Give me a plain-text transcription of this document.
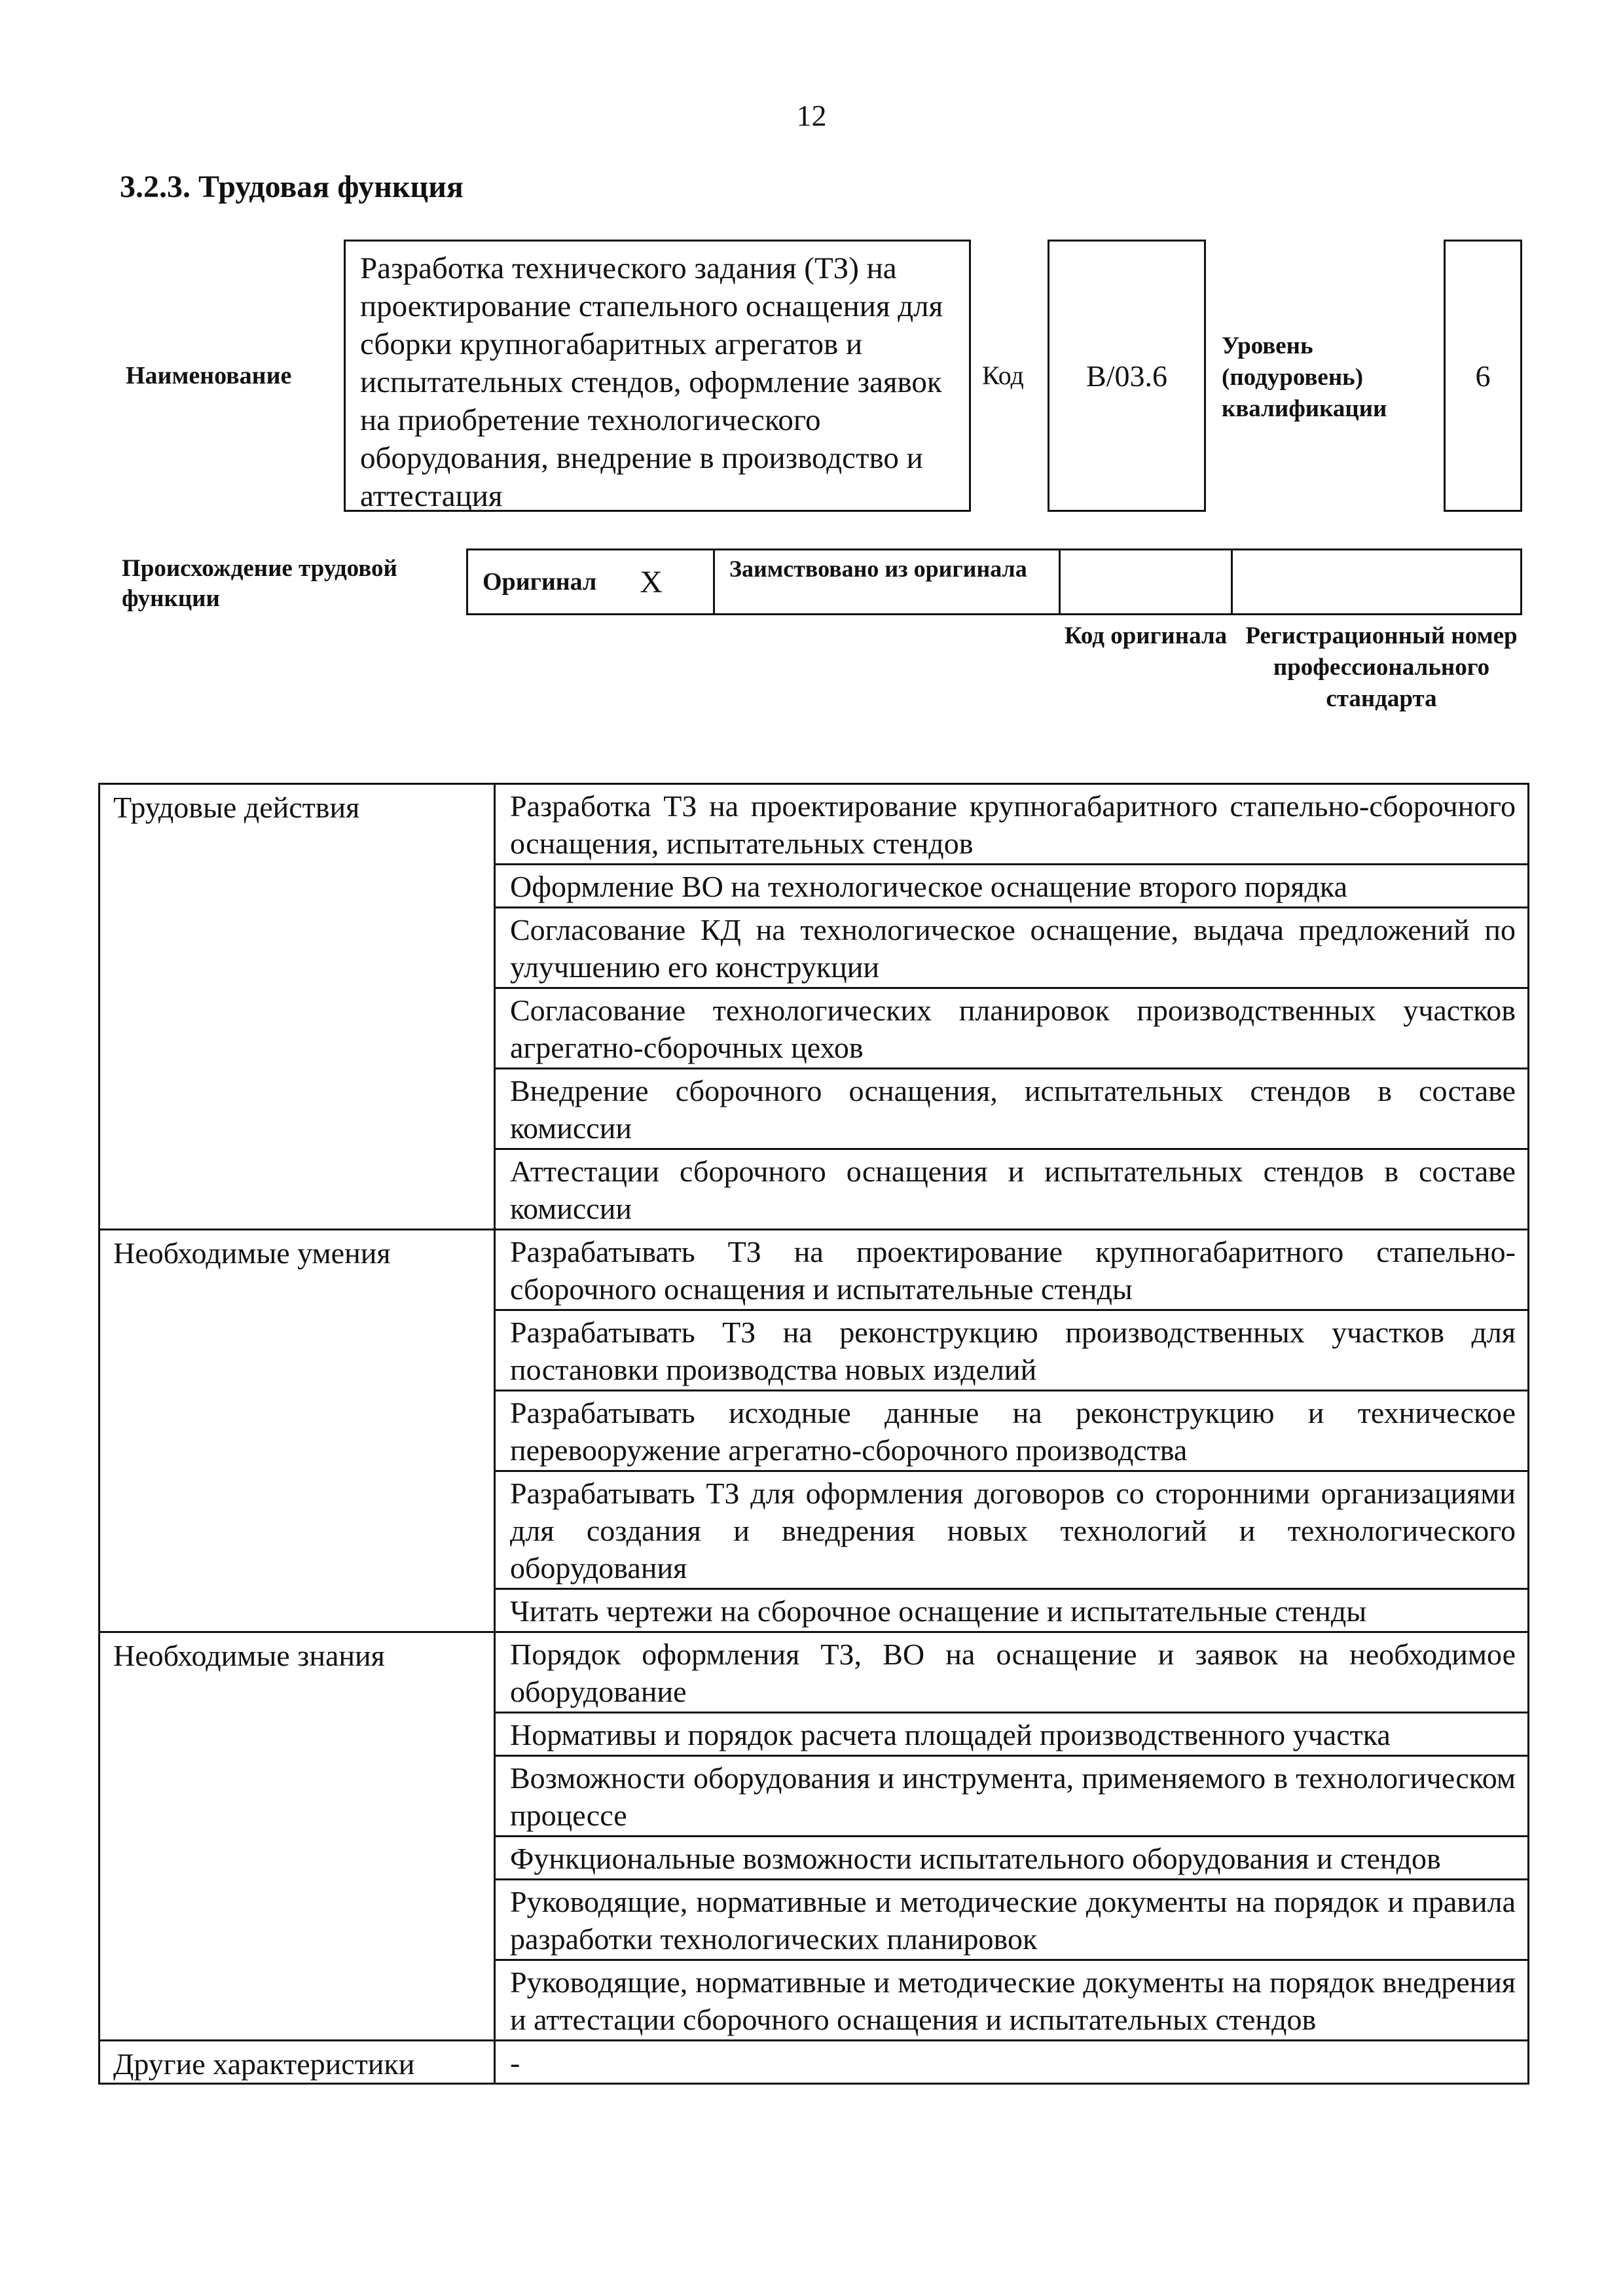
12
3.2.3. Трудовая функция
Наименование
Разработка технического задания (ТЗ) на проектирование стапельного оснащения для сборки крупногабаритных агрегатов и испытательных стендов, оформление заявок на приобретение технологического оборудования, внедрение в производство и аттестация
Код	B/03.6
Уровень (подуровень) квалификации
6
Происхождение трудовой функции
Оригинал X	Заимствовано из оригинала
Код оригинала Регистрационный номер профессионального стандарта
Трудовые действия	Разработка ТЗ на проектирование крупногабаритного стапельно-сборочного оснащения, испытательных стендов
	Оформление ВО на технологическое оснащение второго порядка
	Согласование КД на технологическое оснащение, выдача предложений по улучшению его конструкции
	Согласование технологических планировок производственных участков агрегатно-сборочных цехов
	Внедрение сборочного оснащения, испытательных стендов в составе комиссии
	Аттестации сборочного оснащения и испытательных стендов в составе комиссии
Необходимые умения	Разрабатывать ТЗ на проектирование крупногабаритного стапельно-сборочного оснащения и испытательные стенды
	Разрабатывать ТЗ на реконструкцию производственных участков для постановки производства новых изделий
	Разрабатывать исходные данные на реконструкцию и техническое перевооружение агрегатно-сборочного производства
	Разрабатывать ТЗ для оформления договоров со сторонними организациями для создания и внедрения новых технологий и технологического оборудования
	Читать чертежи на сборочное оснащение и испытательные стенды
Необходимые знания	Порядок оформления ТЗ, ВО на оснащение и заявок на необходимое оборудование
	Нормативы и порядок расчета площадей производственного участка
	Возможности оборудования и инструмента, применяемого в технологическом процессе
	Функциональные возможности испытательного оборудования и стендов
	Руководящие, нормативные и методические документы на порядок и правила разработки технологических планировок
	Руководящие, нормативные и методические документы на порядок внедрения и аттестации сборочного оснащения и испытательных стендов
Другие характеристики	-
